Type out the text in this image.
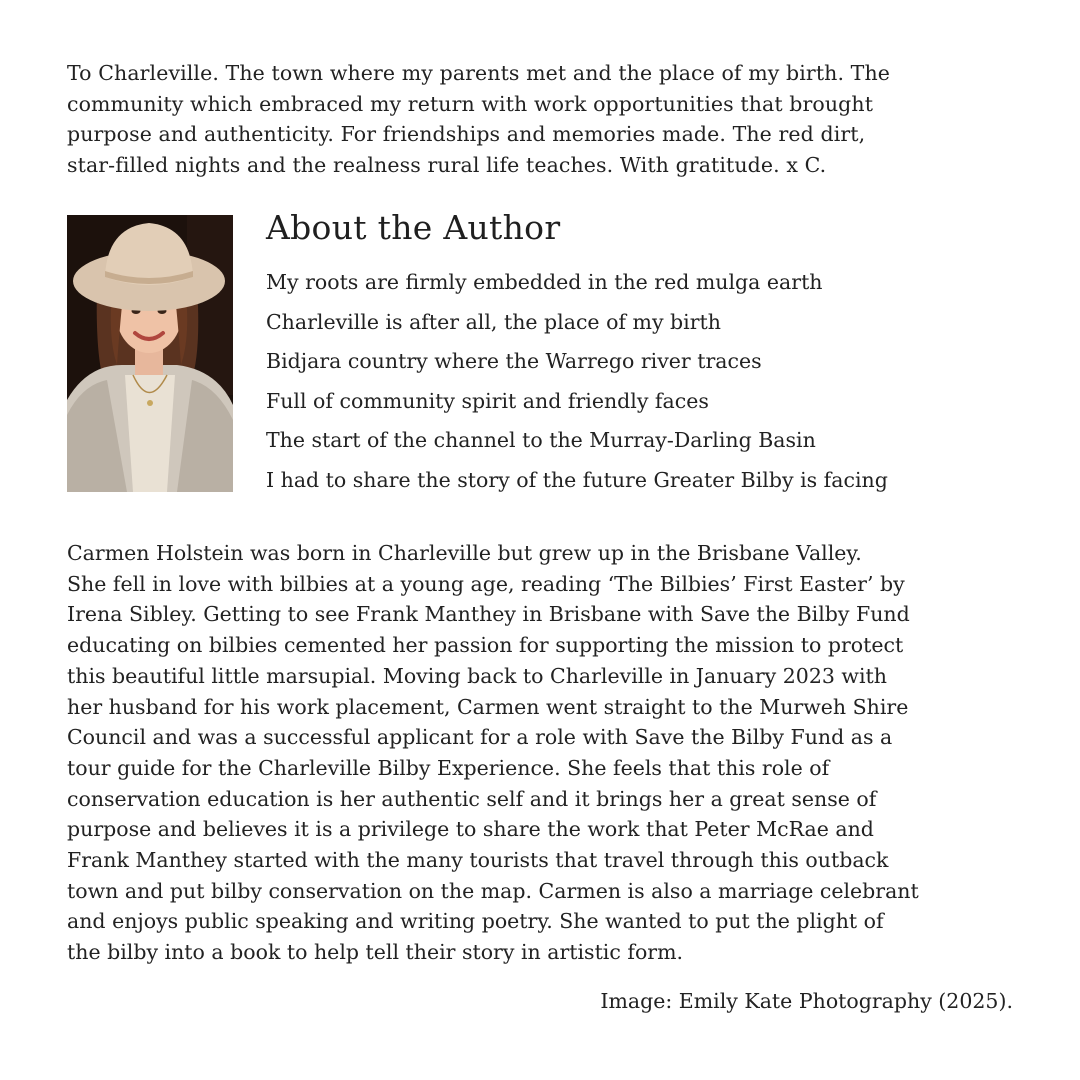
To Charleville. The town where my parents met and the place of my birth. The
community which embraced my return with work opportunities that brought
purpose and authenticity. For friendships and memories made. The red dirt,
star-filled nights and the realness rural life teaches. With gratitude. x C.
About the Author
My roots are firmly embedded in the red mulga earth
Charleville is after all, the place of my birth
Bidjara country where the Warrego river traces
Full of community spirit and friendly faces
The start of the channel to the Murray-Darling Basin
I had to share the story of the future Greater Bilby is facing
Carmen Holstein was born in Charleville but grew up in the Brisbane Valley.
She fell in love with bilbies at a young age, reading ‘The Bilbies’ First Easter’ by
Irena Sibley. Getting to see Frank Manthey in Brisbane with Save the Bilby Fund
educating on bilbies cemented her passion for supporting the mission to protect
this beautiful little marsupial. Moving back to Charleville in January 2023 with
her husband for his work placement, Carmen went straight to the Murweh Shire
Council and was a successful applicant for a role with Save the Bilby Fund as a
tour guide for the Charleville Bilby Experience. She feels that this role of
conservation education is her authentic self and it brings her a great sense of
purpose and believes it is a privilege to share the work that Peter McRae and
Frank Manthey started with the many tourists that travel through this outback
town and put bilby conservation on the map. Carmen is also a marriage celebrant
and enjoys public speaking and writing poetry. She wanted to put the plight of
the bilby into a book to help tell their story in artistic form.
Image: Emily Kate Photography (2025).
